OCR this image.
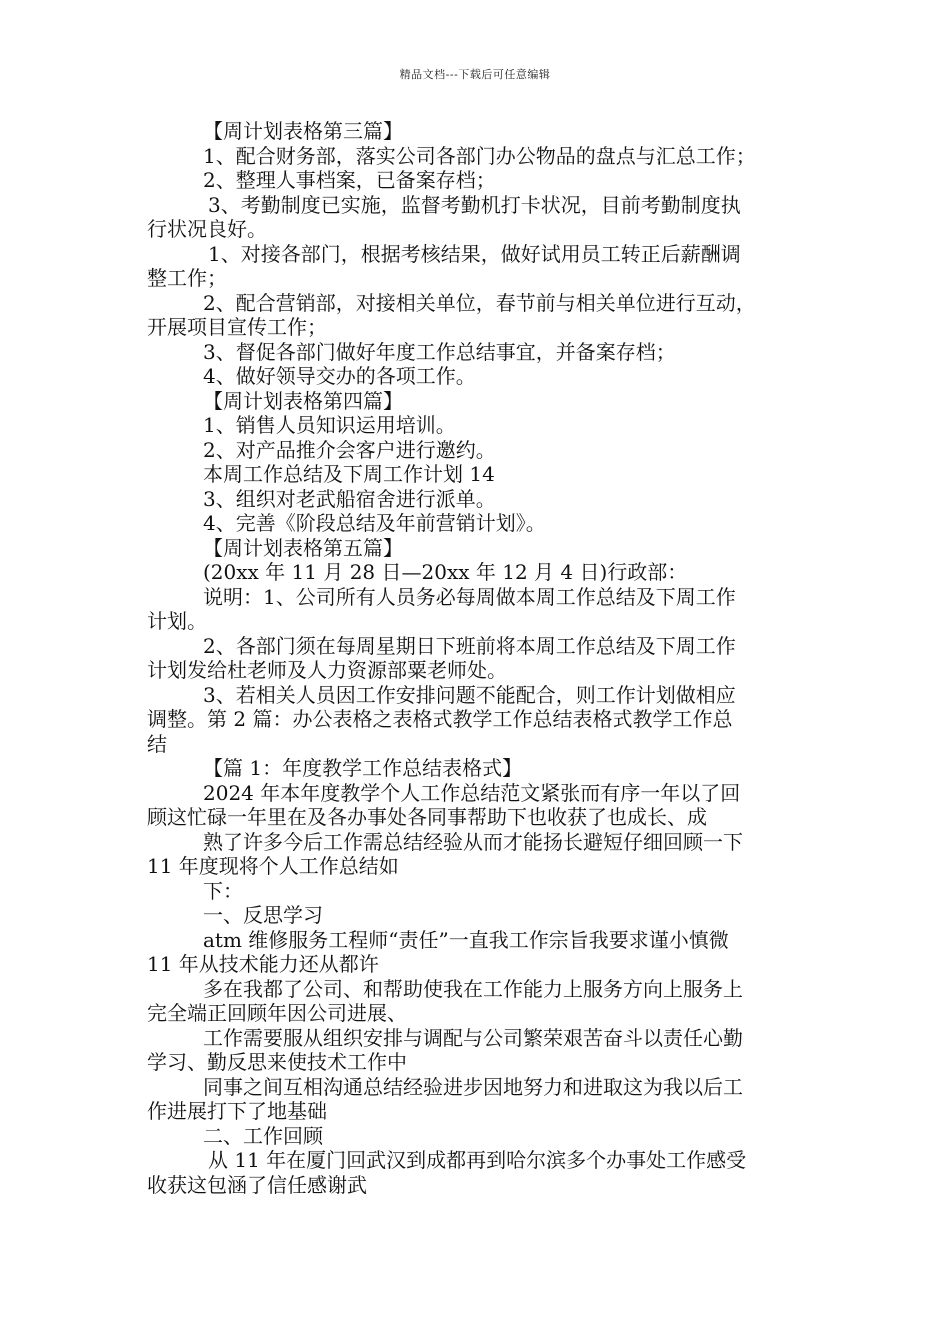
精品文档---下载后可任意编辑
【周计划表格第三篇】
1、配合财务部，落实公司各部门办公物品的盘点与汇总工作；
2、整理人事档案，已备案存档；
3、考勤制度已实施，监督考勤机打卡状况，目前考勤制度执
行状况良好。
1、对接各部门，根据考核结果，做好试用员工转正后薪酬调
整工作；
2、配合营销部，对接相关单位，春节前与相关单位进行互动，
开展项目宣传工作；
3、督促各部门做好年度工作总结事宜，并备案存档；
4、做好领导交办的各项工作。
【周计划表格第四篇】
1、销售人员知识运用培训。
2、对产品推介会客户进行邀约。
本周工作总结及下周工作计划 14
3、组织对老武船宿舍进行派单。
4、完善《阶段总结及年前营销计划》。
【周计划表格第五篇】
(20xx 年 11 月 28 日—20xx 年 12 月 4 日)行政部：
说明：1、公司所有人员务必每周做本周工作总结及下周工作
计划。
2、各部门须在每周星期日下班前将本周工作总结及下周工作
计划发给杜老师及人力资源部粟老师处。
3、若相关人员因工作安排问题不能配合，则工作计划做相应
调整。第 2 篇：办公表格之表格式教学工作总结表格式教学工作总
结
【篇 1：年度教学工作总结表格式】
2024 年本年度教学个人工作总结范文紧张而有序一年以了回
顾这忙碌一年里在及各办事处各同事帮助下也收获了也成长、成
熟了许多今后工作需总结经验从而才能扬长避短仔细回顾一下
11 年度现将个人工作总结如
下：
一、反思学习
atm 维修服务工程师“责任”一直我工作宗旨我要求谨小慎微
11 年从技术能力还从都许
多在我都了公司、和帮助使我在工作能力上服务方向上服务上
完全端正回顾年因公司进展、
工作需要服从组织安排与调配与公司繁荣艰苦奋斗以责任心勤
学习、勤反思来使技术工作中
同事之间互相沟通总结经验进步因地努力和进取这为我以后工
作进展打下了地基础
二、工作回顾
从 11 年在厦门回武汉到成都再到哈尔滨多个办事处工作感受
收获这包涵了信任感谢武
